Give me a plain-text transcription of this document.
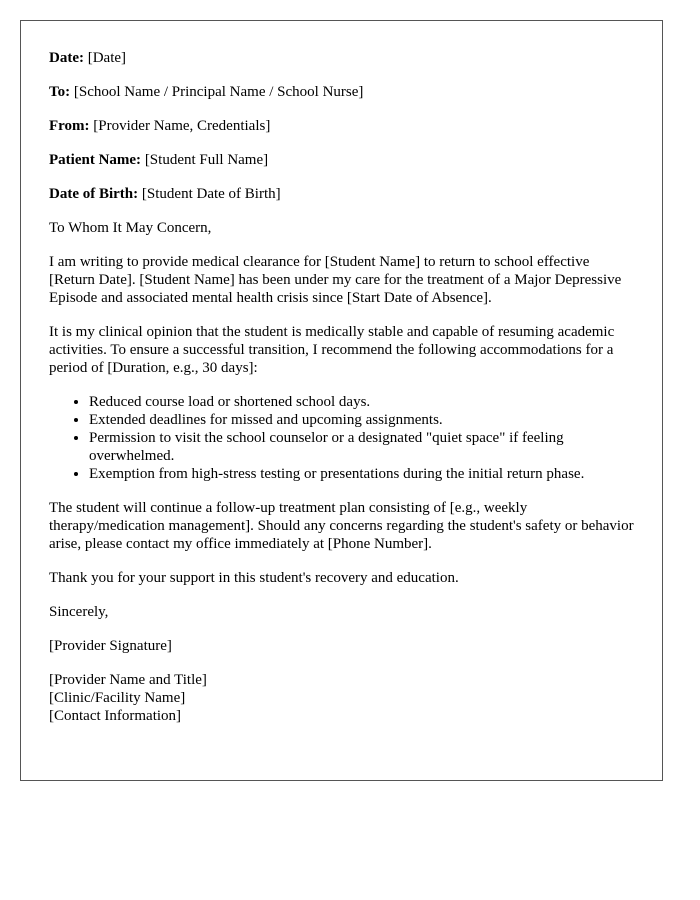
Date: [Date]

To: [School Name / Principal Name / School Nurse]

From: [Provider Name, Credentials]

Patient Name: [Student Full Name]

Date of Birth: [Student Date of Birth]

To Whom It May Concern,

I am writing to provide medical clearance for [Student Name] to return to school effective [Return Date]. [Student Name] has been under my care for the treatment of a Major Depressive Episode and associated mental health crisis since [Start Date of Absence].

It is my clinical opinion that the student is medically stable and capable of resuming academic activities. To ensure a successful transition, I recommend the following accommodations for a period of [Duration, e.g., 30 days]:

• Reduced course load or shortened school days.
• Extended deadlines for missed and upcoming assignments.
• Permission to visit the school counselor or a designated "quiet space" if feeling overwhelmed.
• Exemption from high-stress testing or presentations during the initial return phase.

The student will continue a follow-up treatment plan consisting of [e.g., weekly therapy/medication management]. Should any concerns regarding the student's safety or behavior arise, please contact my office immediately at [Phone Number].

Thank you for your support in this student's recovery and education.

Sincerely,

[Provider Signature]

[Provider Name and Title]
[Clinic/Facility Name]
[Contact Information]
